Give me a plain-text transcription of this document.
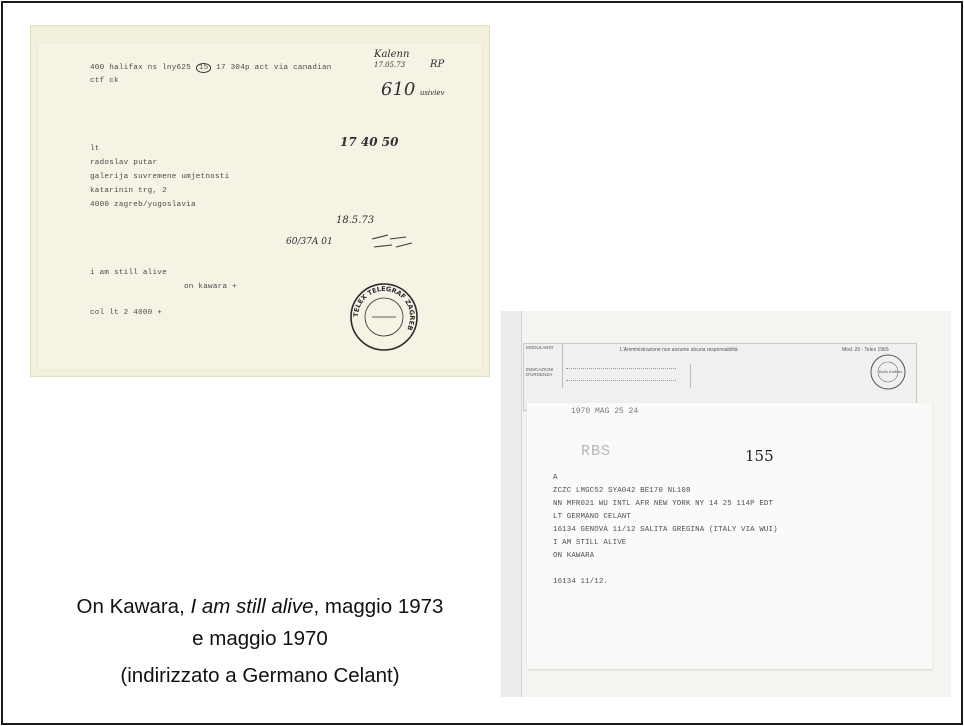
400 halifax ns lny625 15 17 304p act via canadian
ctf ck
Kalenn
17.05.73 RP
610 usiviev
17 40 50
lt
radoslav putar
galerija suvremene umjetnosti
katarinin trg, 2
4000 zagreb/yugoslavia
18.5.73
60/37A 01
i am still alive
on kawara +
col lt 2 4000 +	TELEX TELEGRAF ZAGREB
MODULARIO
INDICAZIONI D'URGENZA
L'Amministrazione non assume alcuna responsabilità	Mod. 29 - Telex 1965
Bollo d'ufficio
1970 MAG 25 24
RBS	155
A
ZCZC LMGC52 SYA042 BE170 NL108
NN MFR021 WU INTL AFR NEW YORK NY 14 25 114P EDT
LT GERMANO CELANT
16134 GENOVA 11/12 SALITA GREGINA (ITALY VIA WUI)
I AM STILL ALIVE
ON KAWARA
16134 11/12.
On Kawara, I am still alive, maggio 1973
e maggio 1970
(indirizzato a Germano Celant)
